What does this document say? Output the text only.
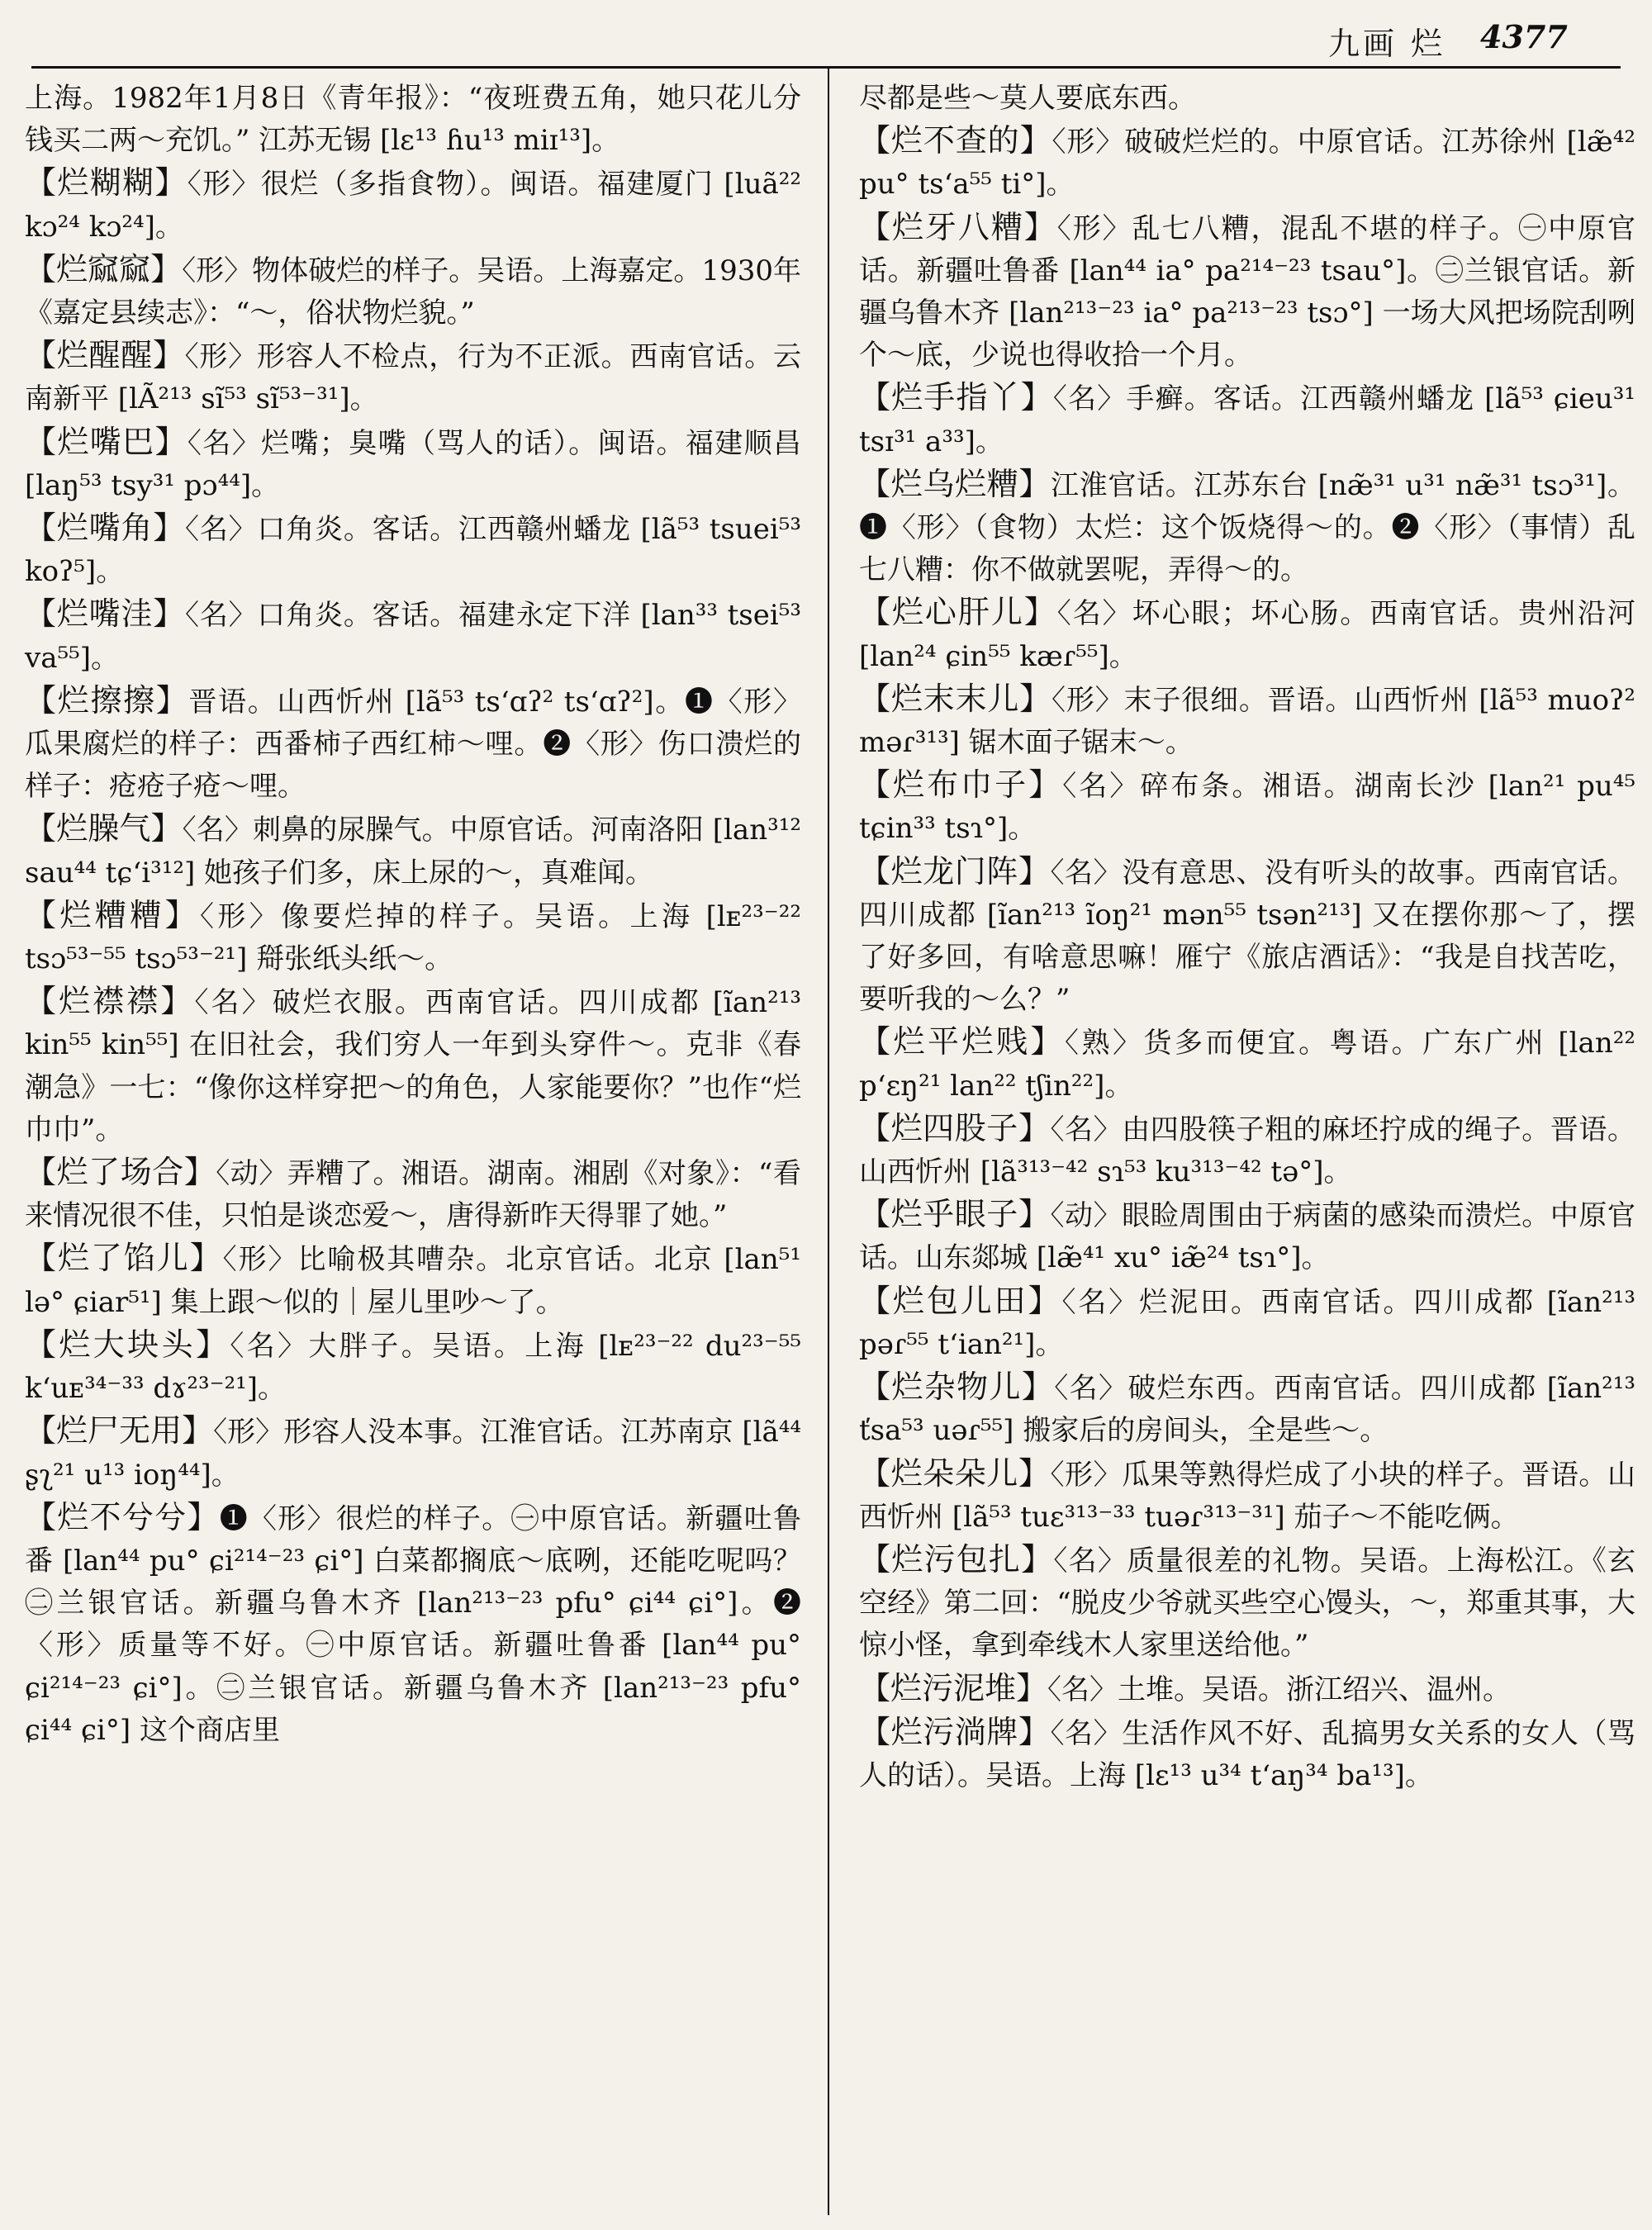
九画 烂 4377

上海。1982年1月8日《青年报》：“夜班费五角，她只花儿分钱买二两～充饥。” 江苏无锡 [lɛ¹³ ɦu¹³ miɪ¹³]。

【烂糊糊】〈形〉很烂（多指食物）。闽语。福建厦门 [luã²² kɔ²⁴ kɔ²⁴]。

【烂窳窳】〈形〉物体破烂的样子。吴语。上海嘉定。1930年《嘉定县续志》：“～，俗状物烂貌。”

【烂醒醒】〈形〉形容人不检点，行为不正派。西南官话。云南新平 [lÃ²¹³ sĩ⁵³ sĩ⁵³⁻³¹]。

【烂嘴巴】〈名〉烂嘴；臭嘴（骂人的话）。闽语。福建顺昌 [laŋ⁵³ tsy³¹ pɔ⁴⁴]。

【烂嘴角】〈名〉口角炎。客话。江西赣州蟠龙 [lã⁵³ tsuei⁵³ koʔ⁵]。

【烂嘴洼】〈名〉口角炎。客话。福建永定下洋 [lan³³ tsei⁵³ va⁵⁵]。

【烂擦擦】晋语。山西忻州 [lã⁵³ ts‘ɑʔ² ts‘ɑʔ²]。❶〈形〉瓜果腐烂的样子：西番柿子西红柿～哩。❷〈形〉伤口溃烂的样子：疮疮子疮～哩。

【烂臊气】〈名〉刺鼻的尿臊气。中原官话。河南洛阳 [lan³¹² sau⁴⁴ tɕ‘i³¹²] 她孩子们多，床上尿的～，真难闻。

【烂糟糟】〈形〉像要烂掉的样子。吴语。上海 [lᴇ²³⁻²² tsɔ⁵³⁻⁵⁵ tsɔ⁵³⁻²¹] 搿张纸头纸～。

【烂襟襟】〈名〉破烂衣服。西南官话。四川成都 [ĩan²¹³ kin⁵⁵ kin⁵⁵] 在旧社会，我们穷人一年到头穿件～。克非《春潮急》一七：“像你这样穿把～的角色，人家能要你？”也作“烂巾巾”。

【烂了场合】〈动〉弄糟了。湘语。湖南。湘剧《对象》：“看来情况很不佳，只怕是谈恋爱～，唐得新昨天得罪了她。”

【烂了馅儿】〈形〉比喻极其嘈杂。北京官话。北京 [lan⁵¹ lə° ɕiar⁵¹] 集上跟～似的｜屋儿里吵～了。

【烂大块头】〈名〉大胖子。吴语。上海 [lᴇ²³⁻²² du²³⁻⁵⁵ k‘uᴇ³⁴⁻³³ dɤ²³⁻²¹]。

【烂尸无用】〈形〉形容人没本事。江淮官话。江苏南京 [lã⁴⁴ ʂʅ²¹ u¹³ ioŋ⁴⁴]。

【烂不兮兮】❶〈形〉很烂的样子。㊀中原官话。新疆吐鲁番 [lan⁴⁴ pu° ɕi²¹⁴⁻²³ ɕi°] 白菜都搁底～底咧，还能吃呢吗？㊁兰银官话。新疆乌鲁木齐 [lan²¹³⁻²³ pfu° ɕi⁴⁴ ɕi°]。❷〈形〉质量等不好。㊀中原官话。新疆吐鲁番 [lan⁴⁴ pu° ɕi²¹⁴⁻²³ ɕi°]。㊁兰银官话。新疆乌鲁木齐 [lan²¹³⁻²³ pfu° ɕi⁴⁴ ɕi°] 这个商店里

尽都是些～莫人要底东西。

【烂不查的】〈形〉破破烂烂的。中原官话。江苏徐州 [læ̃⁴² pu° ts‘a⁵⁵ ti°]。

【烂牙八糟】〈形〉乱七八糟，混乱不堪的样子。㊀中原官话。新疆吐鲁番 [lan⁴⁴ ia° pa²¹⁴⁻²³ tsau°]。㊁兰银官话。新疆乌鲁木齐 [lan²¹³⁻²³ ia° pa²¹³⁻²³ tsɔ°] 一场大风把场院刮咧个～底，少说也得收拾一个月。

【烂手指丫】〈名〉手癣。客话。江西赣州蟠龙 [lã⁵³ ɕieu³¹ tsɪ³¹ a³³]。

【烂乌烂糟】江淮官话。江苏东台 [næ̃³¹ u³¹ næ̃³¹ tsɔ³¹]。❶〈形〉（食物）太烂：这个饭烧得～的。❷〈形〉（事情）乱七八糟：你不做就罢呢，弄得～的。

【烂心肝儿】〈名〉坏心眼；坏心肠。西南官话。贵州沿河 [lan²⁴ ɕin⁵⁵ kæɾ⁵⁵]。

【烂末末儿】〈形〉末子很细。晋语。山西忻州 [lã⁵³ muoʔ² məɾ³¹³] 锯木面子锯末～。

【烂布巾子】〈名〉碎布条。湘语。湖南长沙 [lan²¹ pu⁴⁵ tɕin³³ tsɿ°]。

【烂龙门阵】〈名〉没有意思、没有听头的故事。西南官话。四川成都 [ĩan²¹³ ĩoŋ²¹ mən⁵⁵ tsən²¹³] 又在摆你那～了，摆了好多回，有啥意思嘛！雁宁《旅店酒话》：“我是自找苦吃，要听我的～么？”

【烂平烂贱】〈熟〉货多而便宜。粤语。广东广州 [lan²² p‘ɛŋ²¹ lan²² tʃin²²]。

【烂四股子】〈名〉由四股筷子粗的麻坯拧成的绳子。晋语。山西忻州 [lã³¹³⁻⁴² sɿ⁵³ ku³¹³⁻⁴² tə°]。

【烂乎眼子】〈动〉眼睑周围由于病菌的感染而溃烂。中原官话。山东郯城 [læ̃⁴¹ xu° iæ̃²⁴ tsɿ°]。

【烂包儿田】〈名〉烂泥田。西南官话。四川成都 [ĩan²¹³ pəɾ⁵⁵ t‘ian²¹]。

【烂杂物儿】〈名〉破烂东西。西南官话。四川成都 [ĩan²¹³ ťsa⁵³ uəɾ⁵⁵] 搬家后的房间头，全是些～。

【烂朵朵儿】〈形〉瓜果等熟得烂成了小块的样子。晋语。山西忻州 [lã⁵³ tuɛ³¹³⁻³³ tuəɾ³¹³⁻³¹] 茄子～不能吃俩。

【烂污包扎】〈名〉质量很差的礼物。吴语。上海松江。《玄空经》第二回：“脱皮少爷就买些空心馒头，～，郑重其事，大惊小怪，拿到牵线木人家里送给他。”

【烂污泥堆】〈名〉土堆。吴语。浙江绍兴、温州。

【烂污淌牌】〈名〉生活作风不好、乱搞男女关系的女人（骂人的话）。吴语。上海 [lɛ¹³ u³⁴ t‘aŋ³⁴ ba¹³]。
